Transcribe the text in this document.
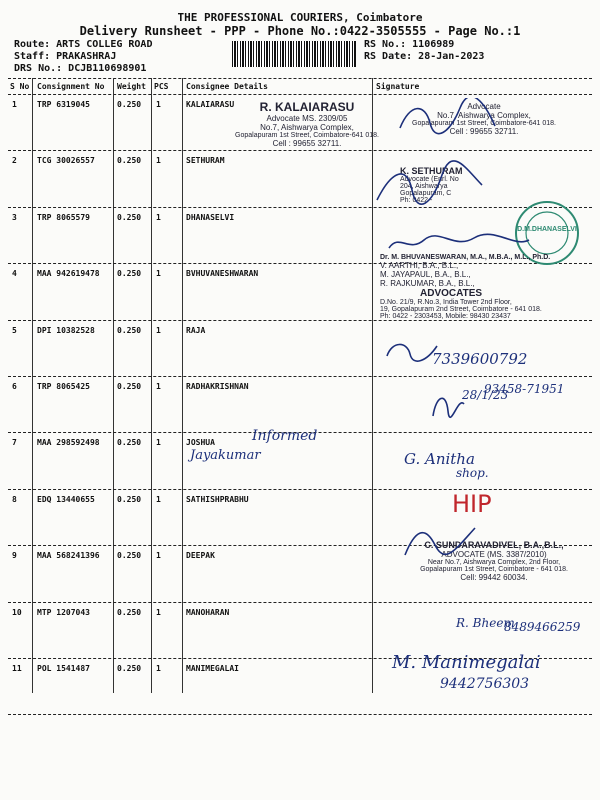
THE PROFESSIONAL COURIERS, Coimbatore
Delivery Runsheet - PPP - Phone No.:0422-3505555 - Page No.:1
Route: ARTS COLLEG ROAD
Staff: PRAKASHRAJ
DRS No.: DCJB110698901
RS No.: 1106989
RS Date: 28-Jan-2023
S No Consignment No Weight PCS Consignee Details	Signature
1	TRP 6319045	0.250 1	KALAIARASU
2	TCG 30026557	0.250 1	SETHURAM
3	TRP 8065579	0.250 1	DHANASELVI
4	MAA 942619478 0.250 1	BVHUVANESHWARAN
5	DPI 10382528	0.250 1	RAJA
6	TRP 8065425	0.250 1	RADHAKRISHNAN
7	MAA 298592498 0.250 1	JOSHUA
8	EDQ 13440655	0.250 1	SATHISHPRABHU
9	MAA 568241396 0.250 1	DEEPAK
10 MTP 1207043	0.250 1	MANOHARAN
11 POL 1541487	0.250 1	MANIMEGALAI
R. KALAIARASU
Advocate MS. 2309/05
No.7, Aishwarya Complex,
Gopalapuram 1st Street, Coimbatore-641 018.
Cell : 99655 32711.
Advocate
No.7, Aishwarya Complex,
Gopalapuram 1st Street, Coimbatore-641 018.
Cell : 99655 32711.
K. SETHURAM
Advocate (Enrl. No
204, Aishwarya
Gopalapuram, C
Ph: 0422 -
D.M.DHANASELVI
Dr. M. BHUVANESWARAN, M.A., M.B.A., M.L., Ph.D.
V. AARTHI, B.A., B.L.,
M. JAYAPAUL, B.A., B.L.,
R. RAJKUMAR, B.A., B.L.,
ADVOCATES
D.No. 21/9, R.No.3, India Tower 2nd Floor,
19, Gopalapuram 2nd Street, Coimbatore - 641 018.
Ph: 0422 - 2303453, Mobile: 98430 23437
7339600792
28/1/23
93458-71951
Informed
Jayakumar	G. Anitha
shop.
HIP
C. SUNDARAVADIVEL, B.A.,B.L.,
ADVOCATE (MS. 3387/2010)
Near No.7, Aishwarya Complex, 2nd Floor,
Gopalapuram 1st Street, Coimbatore - 641 018.
Cell: 99442 60034.
R. Bheem
8489466259
M. Manimegalai
9442756303
